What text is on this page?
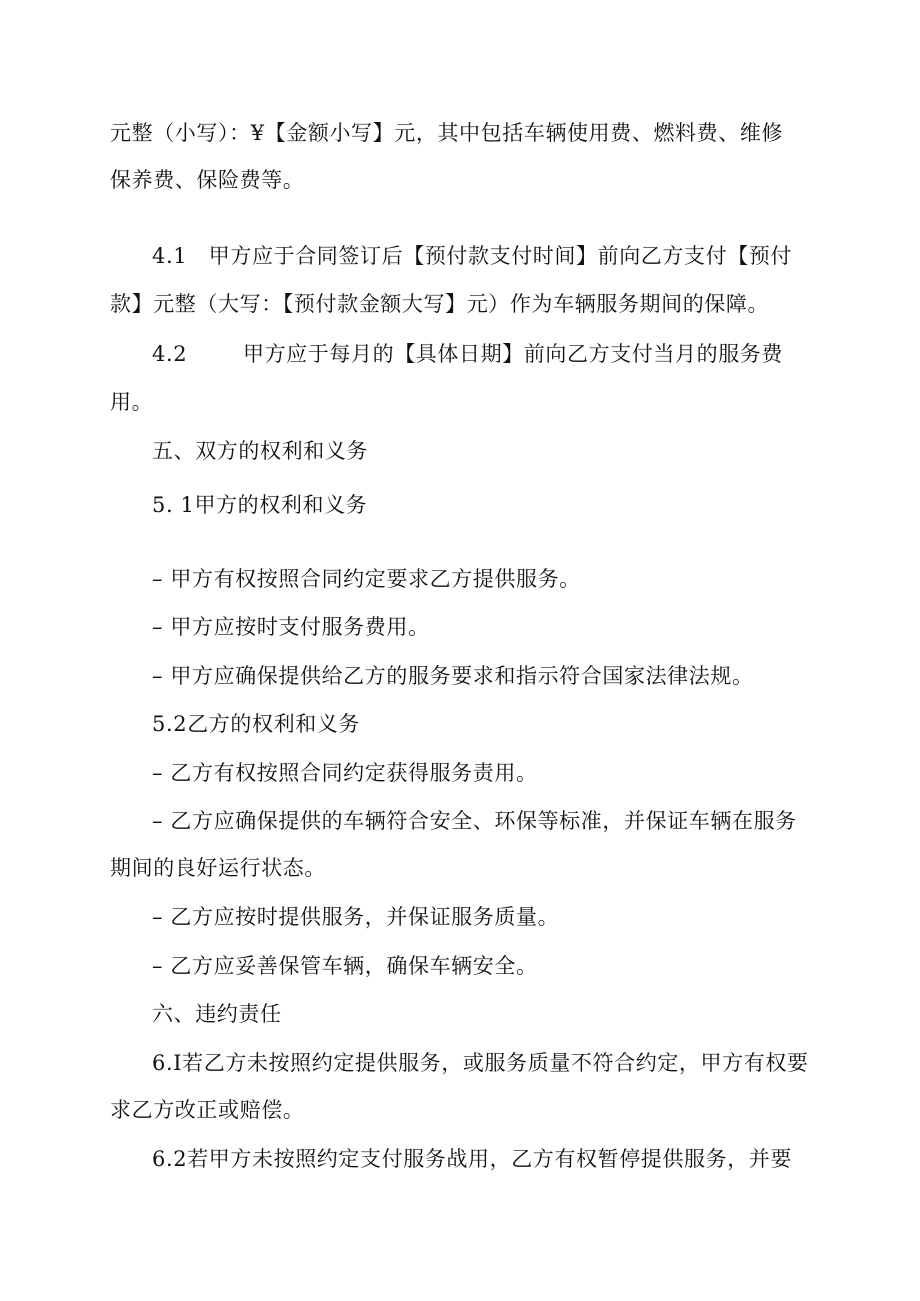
元整（小写）：¥【金额小写】元，其中包括车辆使用费、燃料费、维修
保养费、保险费等。
4.1　甲方应于合同签订后【预付款支付时间】前向乙方支付【预付
款】元整（大写：【预付款金额大写】元）作为车辆服务期间的保障。
4.2	甲方应于每月的【具体日期】前向乙方支付当月的服务费
用。
五、双方的权利和义务
5. 1甲方的权利和义务
– 甲方有权按照合同约定要求乙方提供服务。
– 甲方应按时支付服务费用。
– 甲方应确保提供给乙方的服务要求和指示符合国家法律法规。
5.2乙方的权利和义务
– 乙方有权按照合同约定获得服务责用。
– 乙方应确保提供的车辆符合安全、环保等标准，并保证车辆在服务
期间的良好运行状态。
– 乙方应按时提供服务，并保证服务质量。
– 乙方应妥善保管车辆，确保车辆安全。
六、违约责任
6.I若乙方未按照约定提供服务，或服务质量不符合约定，甲方有权要
求乙方改正或赔偿。
6.2若甲方未按照约定支付服务战用，乙方有权暂停提供服务，并要
